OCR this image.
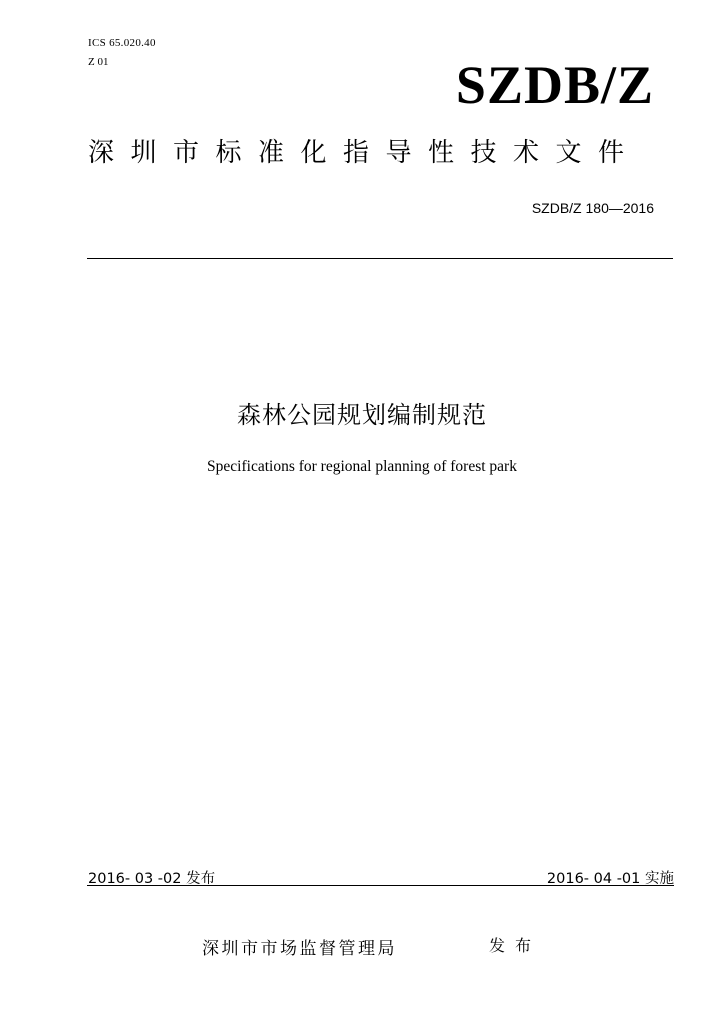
ICS 65.020.40
Z 01	SZDB/Z
深圳市标准化指导性技术文件
SZDB/Z 180—2016
森林公园规划编制规范
Specifications for regional planning of forest park
2016- 03 -02 发布	2016- 04 -01 实施
深圳市市场监督管理局	发布
